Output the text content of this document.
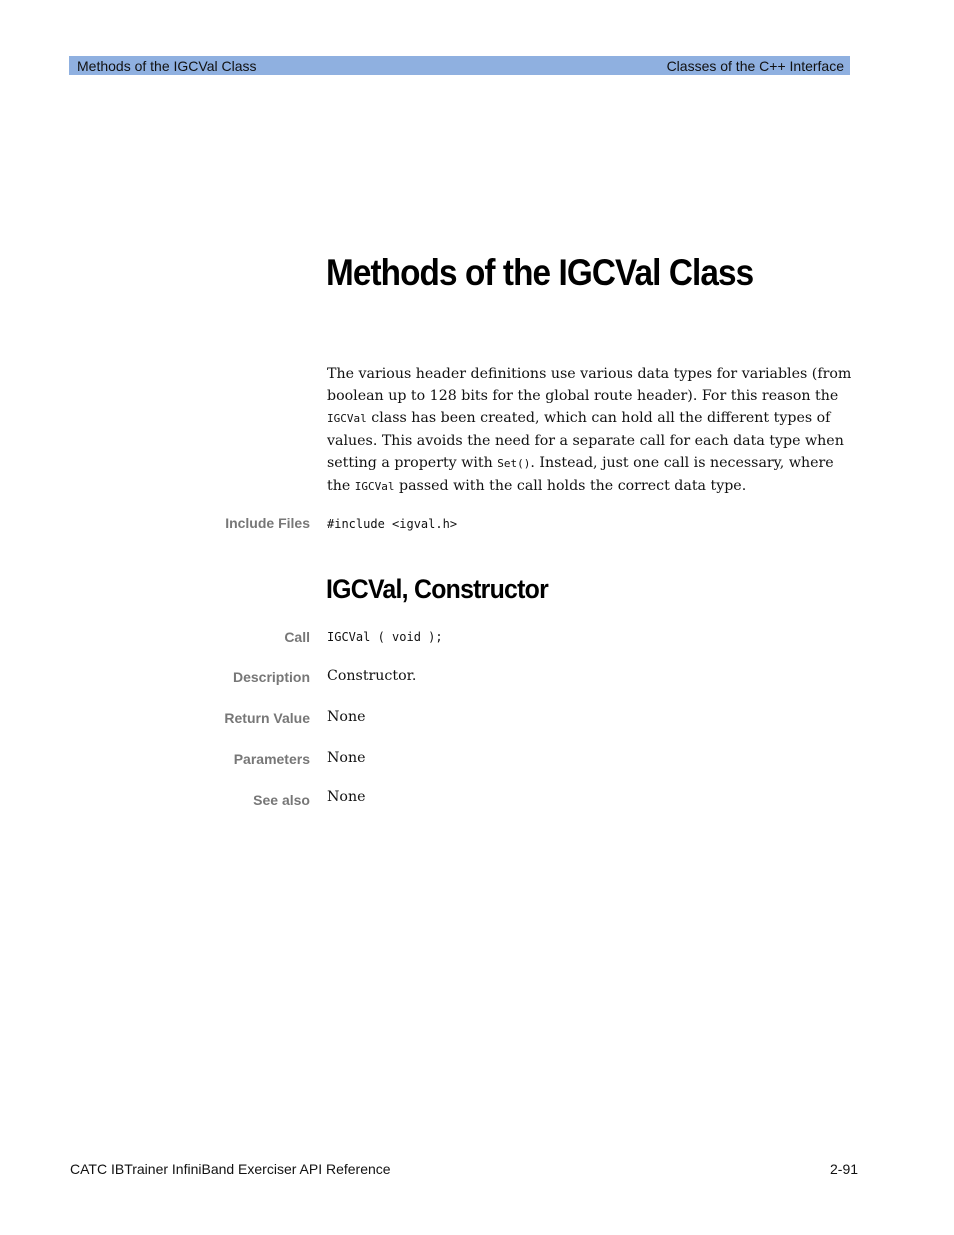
Methods of the IGCVal Class	Classes of the C++ Interface
Methods of the IGCVal Class

The various header definitions use various data types for variables (from boolean up to 128 bits for the global route header). For this reason the IGCVal class has been created, which can hold all the different types of values. This avoids the need for a separate call for each data type when setting a property with Set(). Instead, just one call is necessary, where the IGCVal passed with the call holds the correct data type.

Include Files #include <igval.h>
IGCVal, Constructor
Call IGCVal ( void );
Description Constructor.
Return Value None
Parameters None
See also None
CATC IBTrainer InfiniBand Exerciser API Reference	2-91
